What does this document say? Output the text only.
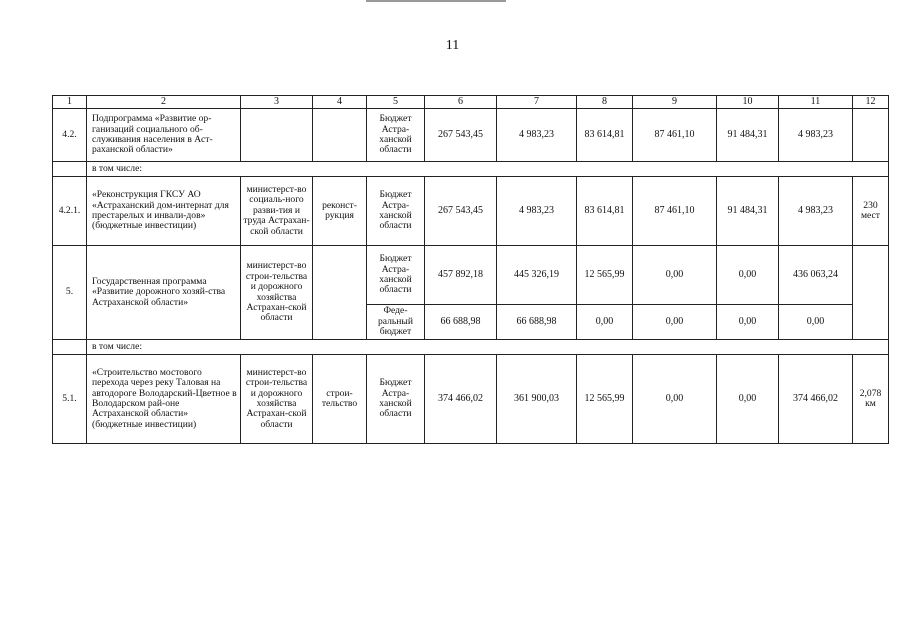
11
1	2	3	4	5	6	7	8	9	10	11	12
4.2.	Подпрограмма «Развитие ор-ганизаций социального об-служивания населения в Аст-раханской области»			Бюджет Астра-ханской области	267 543,45	4 983,23	83 614,81	87 461,10	91 484,31	4 983,23	
	в том числе:										
4.2.1.	«Реконструкция ГКСУ АО «Астраханский дом-интернат для престарелых и инвали-дов» (бюджетные инвестиции)	министерст-во социаль-ного разви-тия и труда Астрахан-ской области	реконст-рукция	Бюджет Астра-ханской области	267 543,45	4 983,23	83 614,81	87 461,10	91 484,31	4 983,23	230 мест
5.	Государственная программа «Развитие дорожного хозяй-ства Астраханской области»	министерст-во строи-тельства и дорожного хозяйства Астрахан-ской области		Бюджет Астра-ханской области	457 892,18	445 326,19	12 565,99	0,00	0,00	436 063,24	
				Феде-ральный бюджет	66 688,98	66 688,98	0,00	0,00	0,00	0,00	
	в том числе:										
5.1.	«Строительство мостового перехода через реку Таловая на автодороге Володарский-Цветное в Володарском рай-оне Астраханской области» (бюджетные инвестиции)	министерст-во строи-тельства и дорожного хозяйства Астрахан-ской области	строи-тельство	Бюджет Астра-ханской области	374 466,02	361 900,03	12 565,99	0,00	0,00	374 466,02	2,078 км
